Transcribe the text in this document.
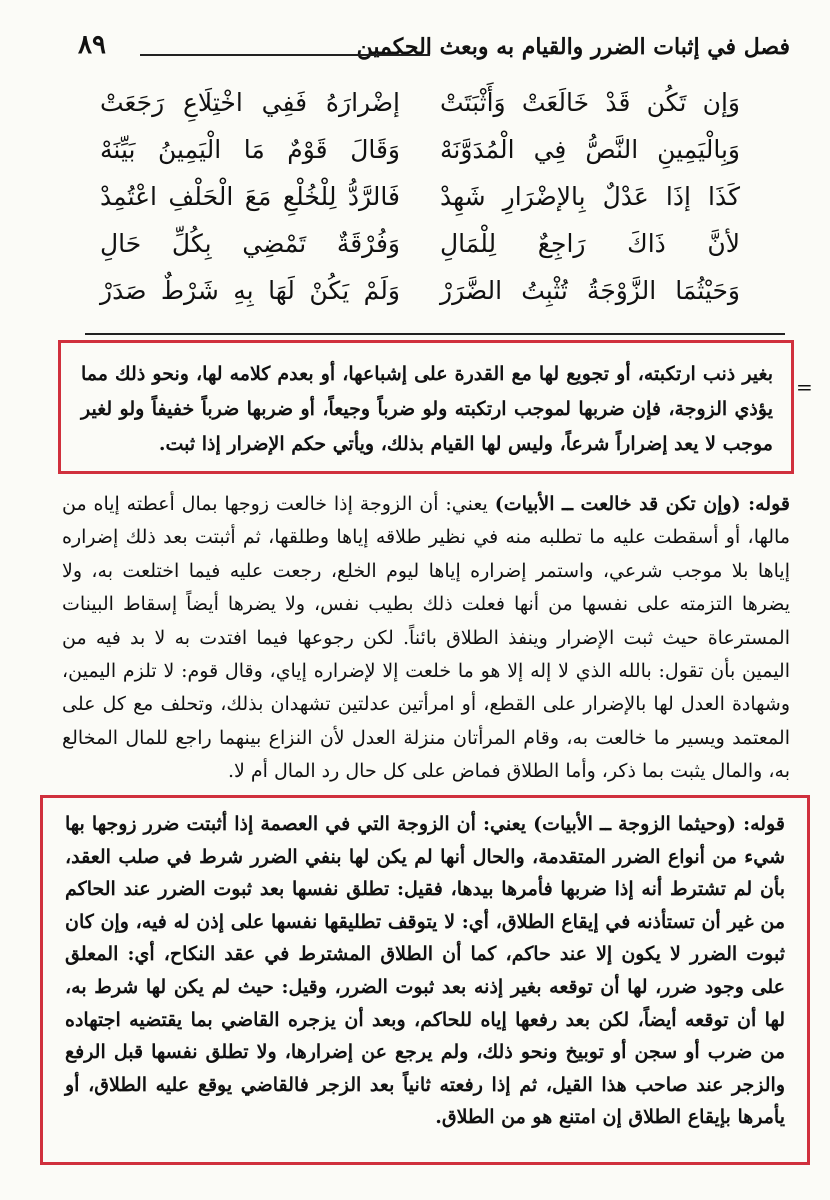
فصل في إثبات الضرر والقيام به وبعث الحكمين
٨٩
وَإن تَكُن قَدْ خَالَعَتْ وَأَثْبَتَتْ
إضْرارَهُ فَفِي اخْتِلَاعِ رَجَعَتْ
وَبِالْيَمِينِ النَّصُّ فِي الْمُدَوَّنَهْ
وَقَالَ قَوْمٌ مَا الْيَمِينُ بَيِّنَهْ
كَذَا إذَا عَدْلٌ بِالإضْرَارِ شَهِدْ
فَالرَّدُّ لِلْخُلْعِ مَعَ الْحَلْفِ اعْتُمِدْ
لأنَّ ذَاكَ رَاجِعٌ لِلْمَالِ
وَفُرْقَةٌ تَمْضِي بِكُلِّ حَالِ
وَحَيْثُمَا الزَّوْجَةُ تُثْبِتُ الضَّرَرْ
وَلَمْ يَكُنْ لَهَا بِهِ شَرْطٌ صَدَرْ
=
بغير ذنب ارتكبته، أو تجويع لها مع القدرة على إشباعها، أو بعدم كلامه لها، ونحو ذلك مما يؤذي الزوجة، فإن ضربها لموجب ارتكبته ولو ضرباً وجيعاً، أو ضربها ضرباً خفيفاً ولو لغير موجب لا يعد إضراراً شرعاً، وليس لها القيام بذلك، ويأتي حكم الإضرار إذا ثبت.
قوله: (وإن تكن قد خالعت ــ الأبيات) يعني: أن الزوجة إذا خالعت زوجها بمال أعطته إياه من مالها، أو أسقطت عليه ما تطلبه منه في نظير طلاقه إياها وطلقها، ثم أثبتت بعد ذلك إضراره إياها بلا موجب شرعي، واستمر إضراره إياها ليوم الخلع، رجعت عليه فيما اختلعت به، ولا يضرها التزمته على نفسها من أنها فعلت ذلك بطيب نفس، ولا يضرها أيضاً إسقاط البينات المسترعاة حيث ثبت الإضرار وينفذ الطلاق بائناً. لكن رجوعها فيما افتدت به لا بد فيه من اليمين بأن تقول: بالله الذي لا إله إلا هو ما خلعت إلا لإضراره إياي، وقال قوم: لا تلزم اليمين، وشهادة العدل لها بالإضرار على القطع، أو امرأتين عدلتين تشهدان بذلك، وتحلف مع كل على المعتمد ويسير ما خالعت به، وقام المرأتان منزلة العدل لأن النزاع بينهما راجع للمال المخالع به، والمال يثبت بما ذكر، وأما الطلاق فماض على كل حال رد المال أم لا.
قوله: (وحيثما الزوجة ــ الأبيات) يعني: أن الزوجة التي في العصمة إذا أثبتت ضرر زوجها بها شيء من أنواع الضرر المتقدمة، والحال أنها لم يكن لها بنفي الضرر شرط في صلب العقد، بأن لم تشترط أنه إذا ضربها فأمرها بيدها، فقيل: تطلق نفسها بعد ثبوت الضرر عند الحاكم من غير أن تستأذنه في إيقاع الطلاق، أي: لا يتوقف تطليقها نفسها على إذن له فيه، وإن كان ثبوت الضرر لا يكون إلا عند حاكم، كما أن الطلاق المشترط في عقد النكاح، أي: المعلق على وجود ضرر، لها أن توقعه بغير إذنه بعد ثبوت الضرر، وقيل: حيث لم يكن لها شرط به، لها أن توقعه أيضاً، لكن بعد رفعها إياه للحاكم، وبعد أن يزجره القاضي بما يقتضيه اجتهاده من ضرب أو سجن أو توبيخ ونحو ذلك، ولم يرجع عن إضرارها، ولا تطلق نفسها قبل الرفع والزجر عند صاحب هذا القيل، ثم إذا رفعته ثانياً بعد الزجر فالقاضي يوقع عليه الطلاق، أو يأمرها بإيقاع الطلاق إن امتنع هو من الطلاق.
